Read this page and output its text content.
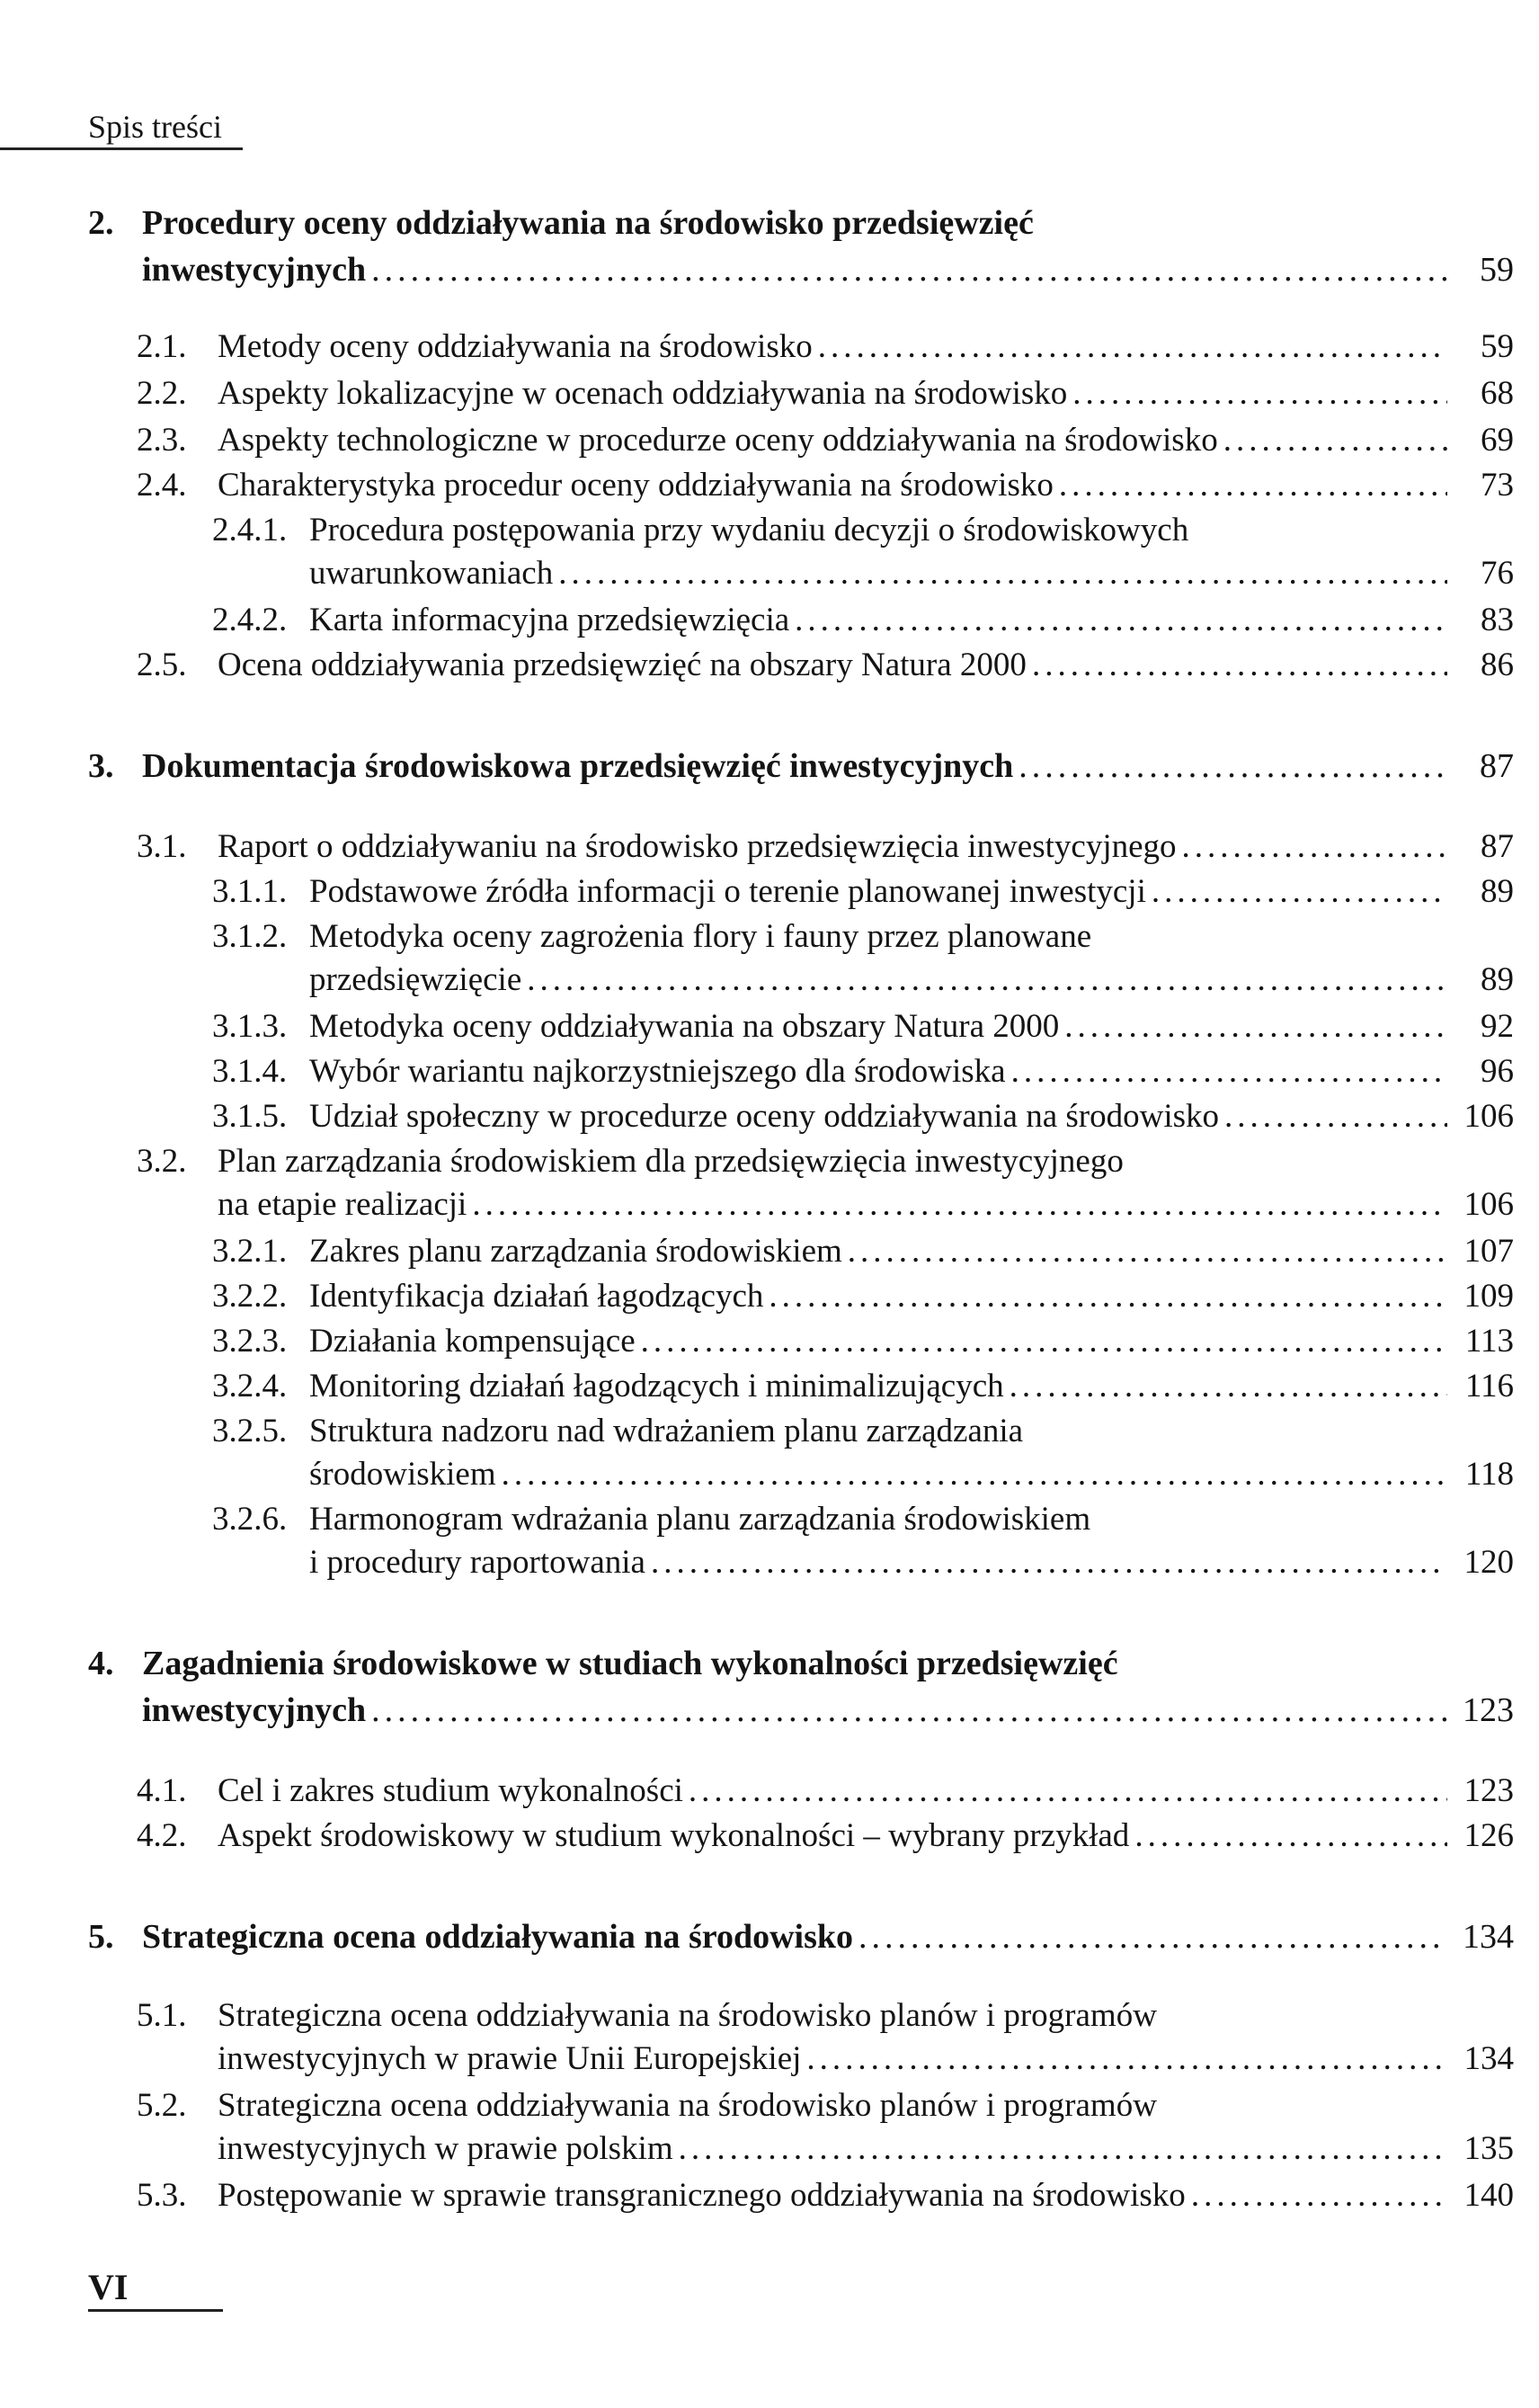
Spis treści
2. Procedury oceny oddziaływania na środowisko przedsięwzięć
inwestycyjnych .....	59
2.1. Metody oceny oddziaływania na środowisko .....	59
2.2. Aspekty lokalizacyjne w ocenach oddziaływania na środowisko .....	68
2.3. Aspekty technologiczne w procedurze oceny oddziaływania na środowisko .....	69
2.4. Charakterystyka procedur oceny oddziaływania na środowisko .....	73
2.4.1. Procedura postępowania przy wydaniu decyzji o środowiskowych
uwarunkowaniach .....	76
2.4.2. Karta informacyjna przedsięwzięcia .....	83
2.5. Ocena oddziaływania przedsięwzięć na obszary Natura 2000 .....	86
3. Dokumentacja środowiskowa przedsięwzięć inwestycyjnych .....	87
3.1. Raport o oddziaływaniu na środowisko przedsięwzięcia inwestycyjnego .....	87
3.1.1. Podstawowe źródła informacji o terenie planowanej inwestycji .....	89
3.1.2. Metodyka oceny zagrożenia flory i fauny przez planowane
przedsięwzięcie .....	89
3.1.3. Metodyka oceny oddziaływania na obszary Natura 2000 .....	92
3.1.4. Wybór wariantu najkorzystniejszego dla środowiska .....	96
3.1.5. Udział społeczny w procedurze oceny oddziaływania na środowisko .....	106
3.2. Plan zarządzania środowiskiem dla przedsięwzięcia inwestycyjnego
na etapie realizacji .....	106
3.2.1. Zakres planu zarządzania środowiskiem .....	107
3.2.2. Identyfikacja działań łagodzących .....	109
3.2.3. Działania kompensujące .....	113
3.2.4. Monitoring działań łagodzących i minimalizujących .....	116
3.2.5. Struktura nadzoru nad wdrażaniem planu zarządzania
środowiskiem .....	118
3.2.6. Harmonogram wdrażania planu zarządzania środowiskiem
i procedury raportowania .....	120
4. Zagadnienia środowiskowe w studiach wykonalności przedsięwzięć
inwestycyjnych .....	123
4.1. Cel i zakres studium wykonalności .....	123
4.2. Aspekt środowiskowy w studium wykonalności – wybrany przykład .....	126
5. Strategiczna ocena oddziaływania na środowisko .....	134
5.1. Strategiczna ocena oddziaływania na środowisko planów i programów
inwestycyjnych w prawie Unii Europejskiej .....	134
5.2. Strategiczna ocena oddziaływania na środowisko planów i programów
inwestycyjnych w prawie polskim .....	135
5.3. Postępowanie w sprawie transgranicznego oddziaływania na środowisko .....	140
VI
